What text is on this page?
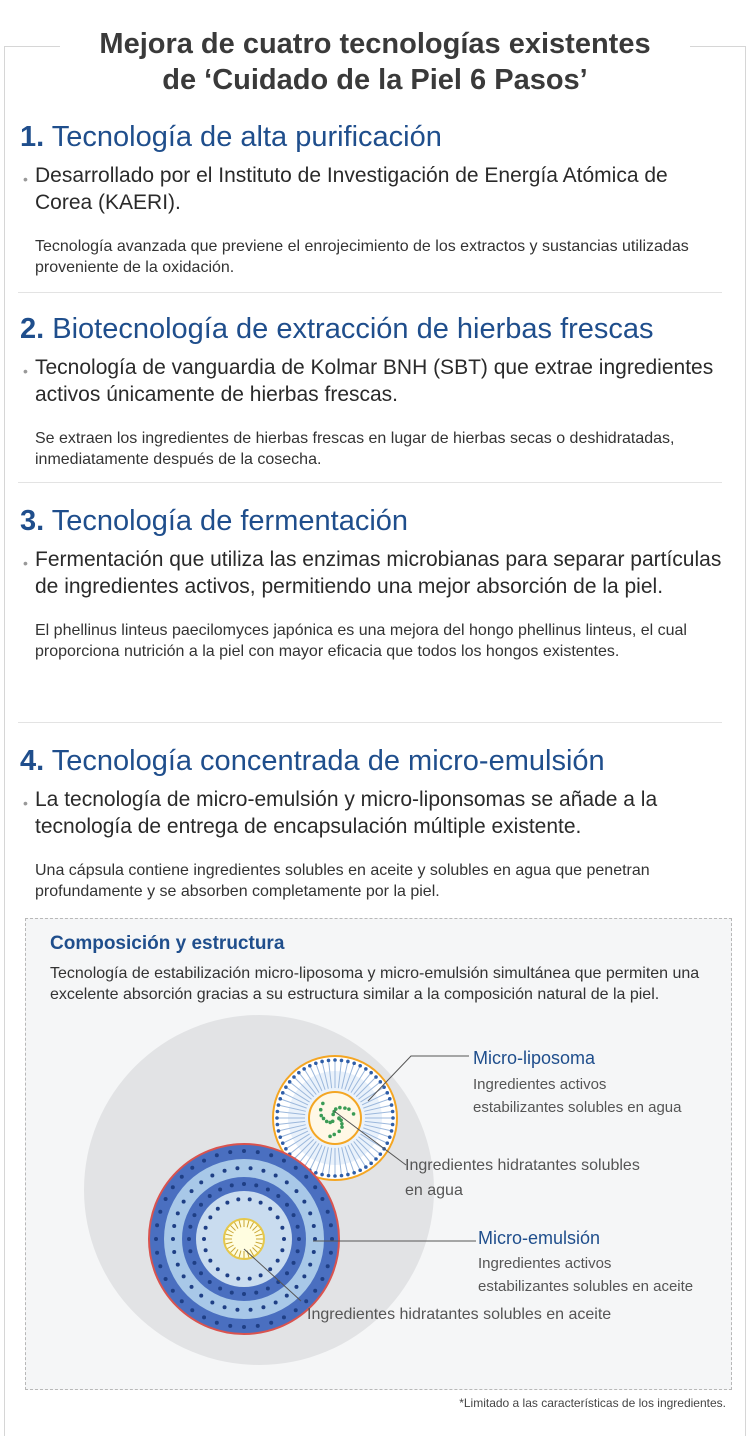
Mejora de cuatro tecnologías existentes
de ‘Cuidado de la Piel 6 Pasos’
1. Tecnología de alta purificación
• Desarrollado por el Instituto de Investigación de Energía Atómica de Corea (KAERI).
Tecnología avanzada que previene el enrojecimiento de los extractos y sustancias utilizadas proveniente de la oxidación.
2. Biotecnología de extracción de hierbas frescas
• Tecnología de vanguardia de Kolmar BNH (SBT) que extrae ingredientes activos únicamente de hierbas frescas.
Se extraen los ingredientes de hierbas frescas en lugar de hierbas secas o deshidratadas, inmediatamente después de la cosecha.
3. Tecnología de fermentación
• Fermentación que utiliza las enzimas microbianas para separar partículas de ingredientes activos, permitiendo una mejor absorción de la piel.
El phellinus linteus paecilomyces japónica es una mejora del hongo phellinus linteus, el cual proporciona nutrición a la piel con mayor eficacia que todos los hongos existentes.
4. Tecnología concentrada de micro-emulsión
• La tecnología de micro-emulsión y micro-liponsomas se añade a la tecnología de entrega de encapsulación múltiple existente.
Una cápsula contiene ingredientes solubles en aceite y solubles en agua que penetran profundamente y se absorben completamente por la piel.
Composición y estructura
Tecnología de estabilización micro-liposoma y micro-emulsión simultánea que permiten una excelente absorción gracias a su estructura similar a la composición natural de la piel.
Micro-liposoma
Ingredientes activos
estabilizantes solubles en agua
Ingredientes hidratantes solubles
en agua
Micro-emulsión
Ingredientes activos
estabilizantes solubles en aceite
Ingredientes hidratantes solubles en aceite
*Limitado a las características de los ingredientes.
